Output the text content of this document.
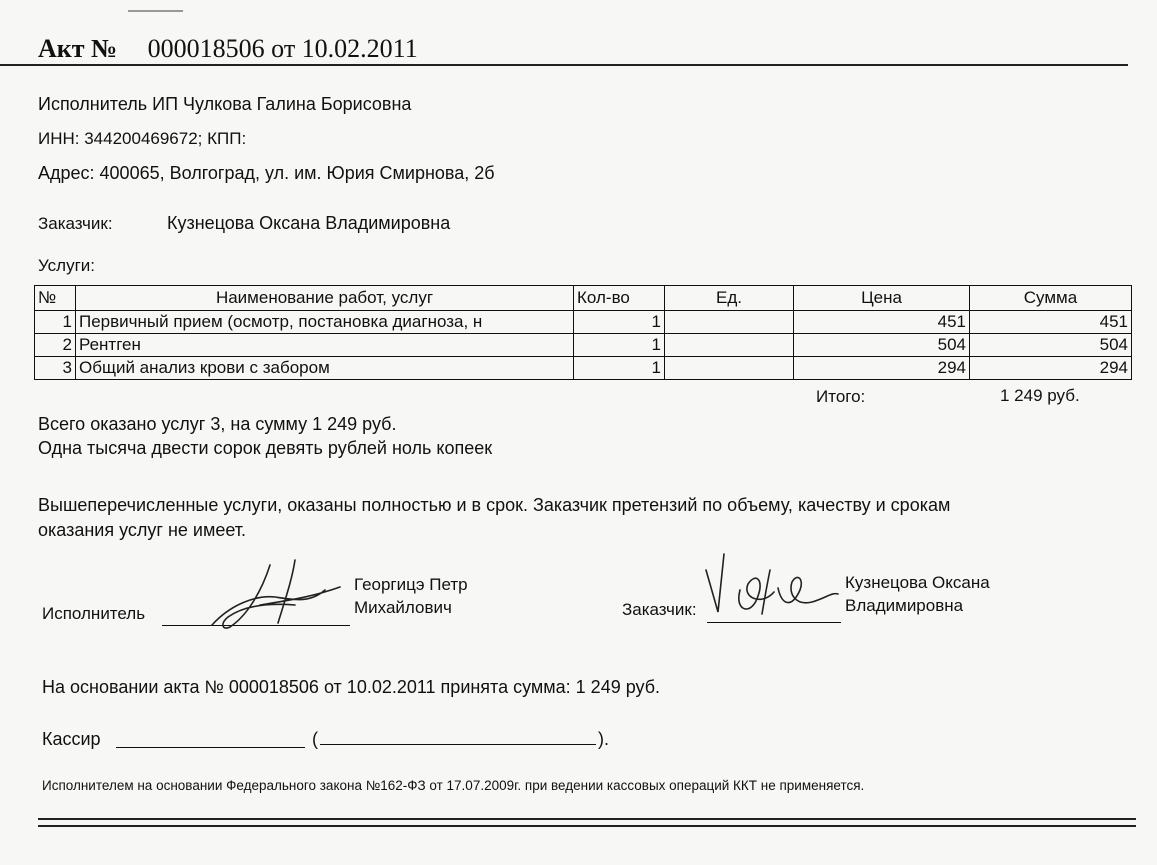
Акт № 000018506 от 10.02.2011
Исполнитель ИП Чулкова Галина Борисовна
ИНН: 344200469672; КПП:
Адрес: 400065, Волгоград, ул. им. Юрия Смирнова, 2б
Заказчик:	Кузнецова Оксана Владимировна
Услуги:
№	Наименование работ, услуг	Кол-во	Ед.	Цена	Сумма
1	Первичный прием (осмотр, постановка диагноза, н	1		451	451
2	Рентген	1		504	504
3	Общий анализ крови с забором	1		294	294
Итого:	1 249 руб.
Всего оказано услуг 3, на сумму 1 249 руб.
Одна тысяча двести сорок девять рублей ноль копеек
Вышеперечисленные услуги, оказаны полностью и в срок. Заказчик претензий по объему, качеству и срокам
оказания услуг не имеет.
Исполнитель
Георгицэ Петр
Михайлович	Заказчик:
Кузнецова Оксана
Владимировна
На основании акта № 000018506 от 10.02.2011 принята сумма: 1 249 руб.
Кассир	(	).
Исполнителем на основании Федерального закона №162-ФЗ от 17.07.2009г. при ведении кассовых операций ККТ не применяется.
